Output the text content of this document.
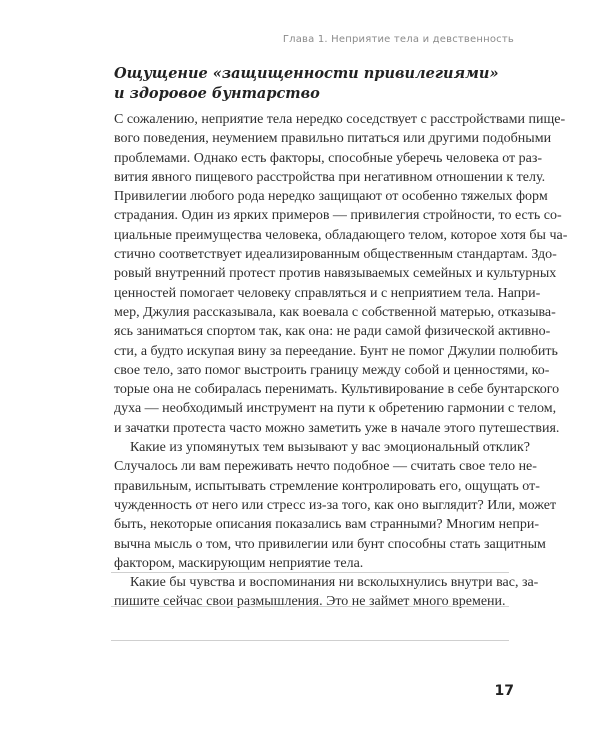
Глава 1. Неприятие тела и девственность
Ощущение «защищенности привилегиями»
и здоровое бунтарство
С сожалению, неприятие тела нередко соседствует с расстройствами пище-
вого поведения, неумением правильно питаться или другими подобными
проблемами. Однако есть факторы, способные уберечь человека от раз-
вития явного пищевого расстройства при негативном отношении к телу.
Привилегии любого рода нередко защищают от особенно тяжелых форм
страдания. Один из ярких примеров — привилегия стройности, то есть со-
циальные преимущества человека, обладающего телом, которое хотя бы ча-
стично соответствует идеализированным общественным стандартам. Здо-
ровый внутренний протест против навязываемых семейных и культурных
ценностей помогает человеку справляться и с неприятием тела. Напри-
мер, Джулия рассказывала, как воевала с собственной матерью, отказыва-
ясь заниматься спортом так, как она: не ради самой физической активно-
сти, а будто искупая вину за переедание. Бунт не помог Джулии полюбить
свое тело, зато помог выстроить границу между собой и ценностями, ко-
торые она не собиралась перенимать. Культивирование в себе бунтарского
духа — необходимый инструмент на пути к обретению гармонии с телом,
и зачатки протеста часто можно заметить уже в начале этого путешествия.
Какие из упомянутых тем вызывают у вас эмоциональный отклик?
Случалось ли вам переживать нечто подобное — считать свое тело не-
правильным, испытывать стремление контролировать его, ощущать от-
чужденность от него или стресс из-за того, как оно выглядит? Или, может
быть, некоторые описания показались вам странными? Многим непри-
вычна мысль о том, что привилегии или бунт способны стать защитным
фактором, маскирующим неприятие тела.
Какие бы чувства и воспоминания ни всколыхнулись внутри вас, за-
пишите сейчас свои размышления. Это не займет много времени.
17
